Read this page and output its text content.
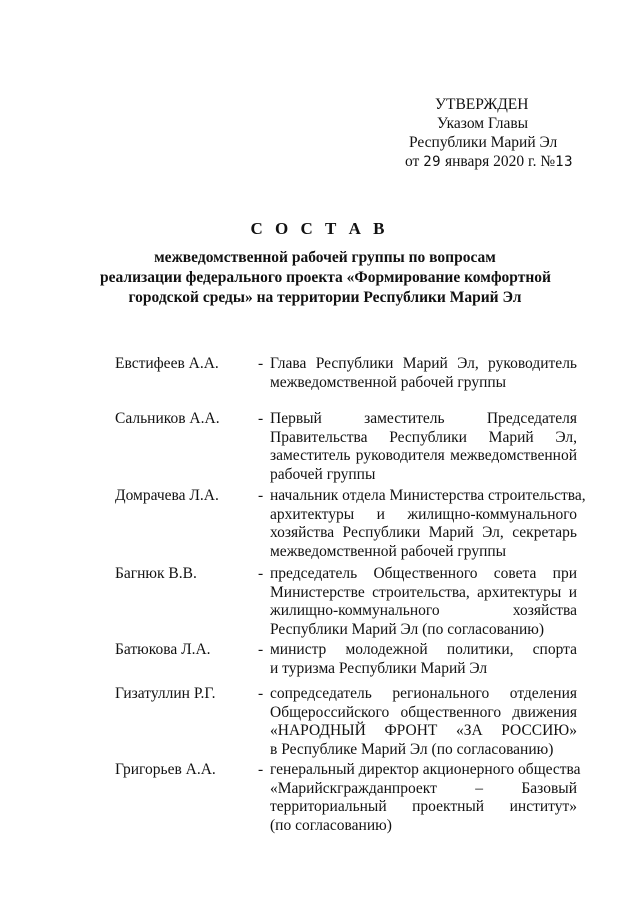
УТВЕРЖДЕН
Указом Главы
Республики Марий Эл
от 29 января 2020 г. №13
С О С Т А В
межведомственной рабочей группы по вопросам
реализации федерального проекта «Формирование комфортной
городской среды» на территории Республики Марий Эл
Евстифеев А.А.	- Глава Республики Марий Эл, руководитель
межведомственной рабочей группы
Сальников А.А.	- Первый заместитель Председателя
Правительства Республики Марий Эл,
заместитель руководителя межведомственной
рабочей группы
Домрачева Л.А.	- начальник отдела Министерства строительства,
архитектуры и жилищно-коммунального
хозяйства Республики Марий Эл, секретарь
межведомственной рабочей группы
Багнюк В.В.	- председатель Общественного совета при
Министерстве строительства, архитектуры и
жилищно-коммунального хозяйства
Республики Марий Эл (по согласованию)
Батюкова Л.А.	- министр молодежной политики, спорта
и туризма Республики Марий Эл
Гизатуллин Р.Г.	- сопредседатель регионального отделения
Общероссийского общественного движения
«НАРОДНЫЙ ФРОНТ «ЗА РОССИЮ»
в Республике Марий Эл (по согласованию)
Григорьев А.А.	- генеральный директор акционерного общества
«Марийскгражданпроект – Базовый
территориальный проектный институт»
(по согласованию)
